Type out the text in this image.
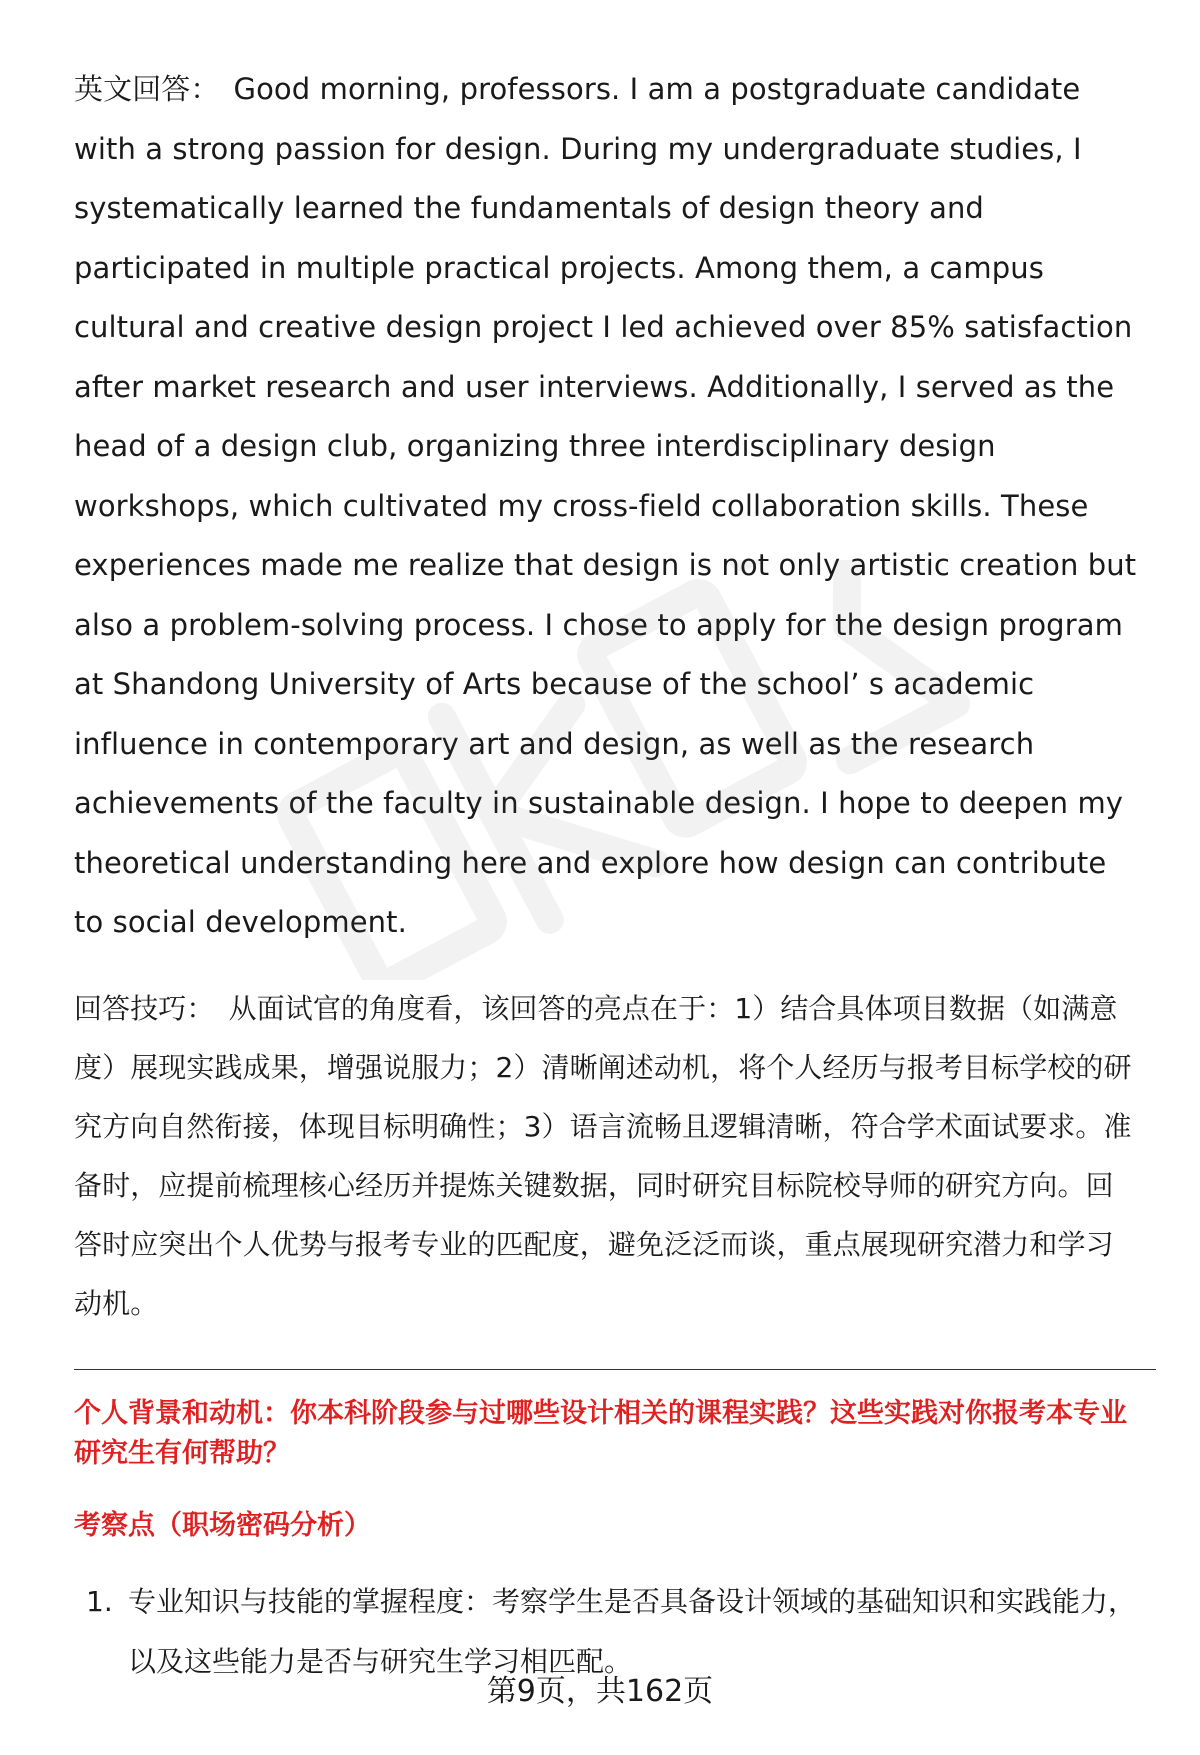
英文回答： Good morning, professors. I am a postgraduate candidate with a strong passion for design. During my undergraduate studies, I systematically learned the fundamentals of design theory and participated in multiple practical projects. Among them, a campus cultural and creative design project I led achieved over 85% satisfaction after market research and user interviews. Additionally, I served as the head of a design club, organizing three interdisciplinary design workshops, which cultivated my cross-field collaboration skills. These experiences made me realize that design is not only artistic creation but also a problem-solving process. I chose to apply for the design program at Shandong University of Arts because of the school’ s academic influence in contemporary art and design, as well as the research achievements of the faculty in sustainable design. I hope to deepen my theoretical understanding here and explore how design can contribute to social development.

回答技巧： 从面试官的角度看，该回答的亮点在于：1）结合具体项目数据（如满意度）展现实践成果，增强说服力；2）清晰阐述动机，将个人经历与报考目标学校的研究方向自然衔接，体现目标明确性；3）语言流畅且逻辑清晰，符合学术面试要求。准备时，应提前梳理核心经历并提炼关键数据，同时研究目标院校导师的研究方向。回答时应突出个人优势与报考专业的匹配度，避免泛泛而谈，重点展现研究潜力和学习动机。

个人背景和动机：你本科阶段参与过哪些设计相关的课程实践？这些实践对你报考本专业研究生有何帮助？

考察点（职场密码分析）

1. 专业知识与技能的掌握程度：考察学生是否具备设计领域的基础知识和实践能力，以及这些能力是否与研究生学习相匹配。
第9页，共162页
